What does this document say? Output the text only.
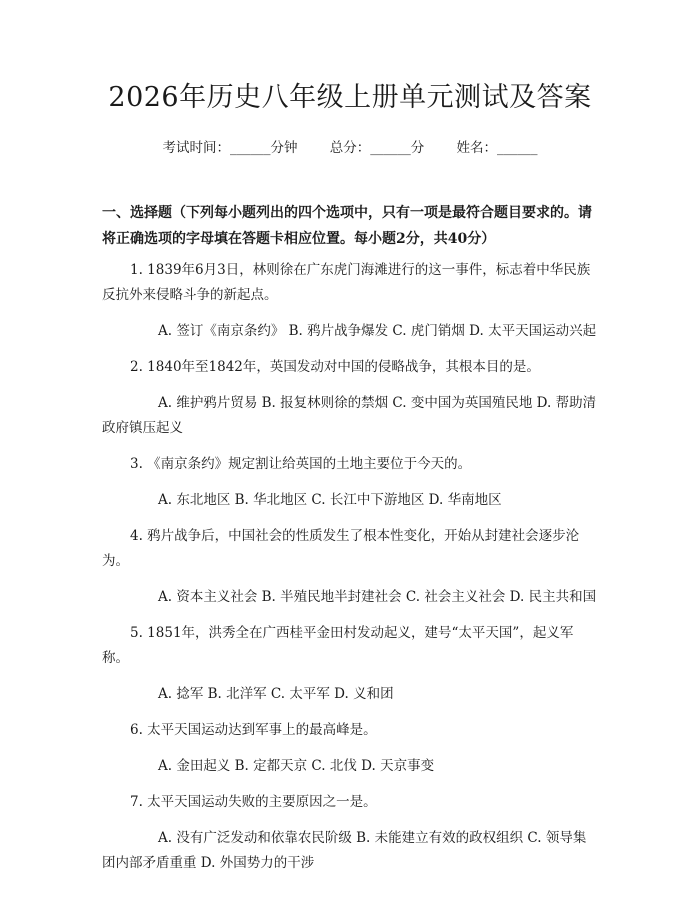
2026年历史八年级上册单元测试及答案
考试时间：______分钟 总分：______分 姓名：______
一、选择题（下列每小题列出的四个选项中，只有一项是最符合题目要求的。请将正确选项的字母填在答题卡相应位置。每小题2分，共40分）

1. 1839年6月3日，林则徐在广东虎门海滩进行的这一事件，标志着中华民族反抗外来侵略斗争的新起点。

A. 签订《南京条约》 B. 鸦片战争爆发 C. 虎门销烟 D. 太平天国运动兴起

2. 1840年至1842年，英国发动对中国的侵略战争，其根本目的是。

A. 维护鸦片贸易 B. 报复林则徐的禁烟 C. 变中国为英国殖民地 D. 帮助清政府镇压起义

3. 《南京条约》规定割让给英国的土地主要位于今天的。

A. 东北地区 B. 华北地区 C. 长江中下游地区 D. 华南地区

4. 鸦片战争后，中国社会的性质发生了根本性变化，开始从封建社会逐步沦为。

A. 资本主义社会 B. 半殖民地半封建社会 C. 社会主义社会 D. 民主共和国

5. 1851年，洪秀全在广西桂平金田村发动起义，建号“太平天国”，起义军称。

A. 捻军 B. 北洋军 C. 太平军 D. 义和团

6. 太平天国运动达到军事上的最高峰是。

A. 金田起义 B. 定都天京 C. 北伐 D. 天京事变

7. 太平天国运动失败的主要原因之一是。

A. 没有广泛发动和依靠农民阶级 B. 未能建立有效的政权组织 C. 领导集团内部矛盾重重 D. 外国势力的干涉
